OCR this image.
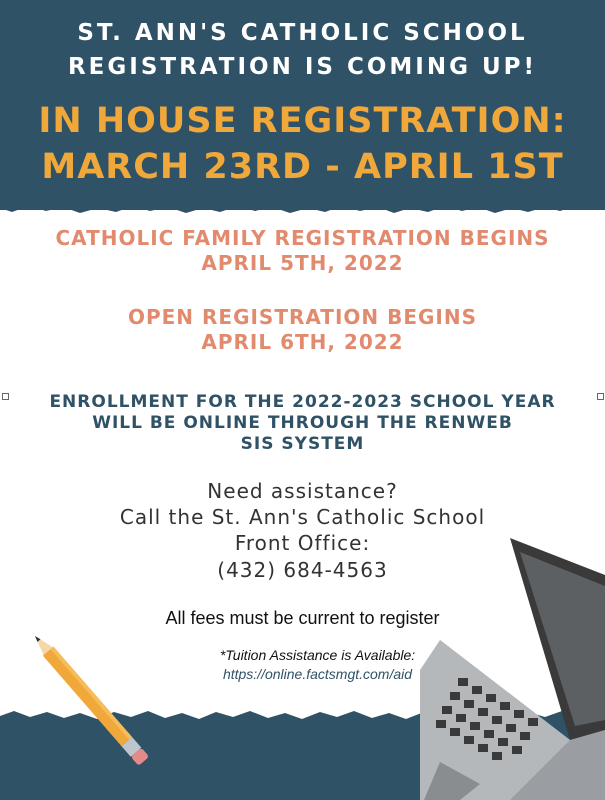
ST. ANN'S CATHOLIC SCHOOL
REGISTRATION IS COMING UP!
IN HOUSE REGISTRATION:
MARCH 23RD - APRIL 1ST
CATHOLIC FAMILY REGISTRATION BEGINS
APRIL 5TH, 2022
OPEN REGISTRATION BEGINS
APRIL 6TH, 2022
ENROLLMENT FOR THE 2022-2023 SCHOOL YEAR
WILL BE ONLINE THROUGH THE RENWEB
SIS SYSTEM
Need assistance?
Call the St. Ann's Catholic School
Front Office:
(432) 684-4563
All fees must be current to register
*Tuition Assistance is Available:
https://online.factsmgt.com/aid
